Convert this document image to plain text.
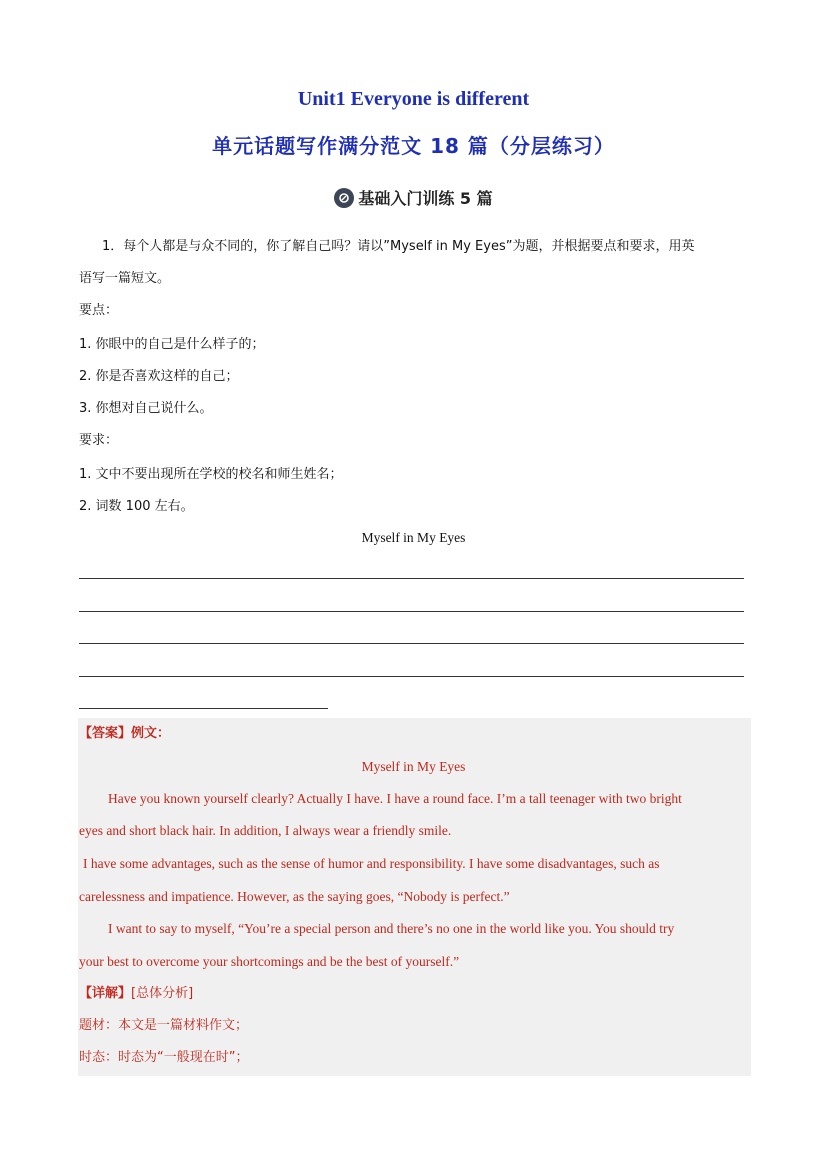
Unit1 Everyone is different
单元话题写作满分范文 18 篇（分层练习）
基础入门训练 5 篇
1．每个人都是与众不同的，你了解自己吗？请以”Myself in My Eyes”为题，并根据要点和要求，用英
语写一篇短文。
要点：
1. 你眼中的自己是什么样子的；
2. 你是否喜欢这样的自己；
3. 你想对自己说什么。
要求：
1. 文中不要出现所在学校的校名和师生姓名；
2. 词数 100 左右。
Myself in My Eyes
【答案】例文：
Myself in My Eyes
Have you known yourself clearly? Actually I have. I have a round face. I’m a tall teenager with two bright
eyes and short black hair. In addition, I always wear a friendly smile.
I have some advantages, such as the sense of humor and responsibility. I have some disadvantages, such as
carelessness and impatience. However, as the saying goes, “Nobody is perfect.”
I want to say to myself, “You’re a special person and there’s no one in the world like you. You should try
your best to overcome your shortcomings and be the best of yourself.”
【详解】[总体分析]
题材：本文是一篇材料作文；
时态：时态为“一般现在时”；
